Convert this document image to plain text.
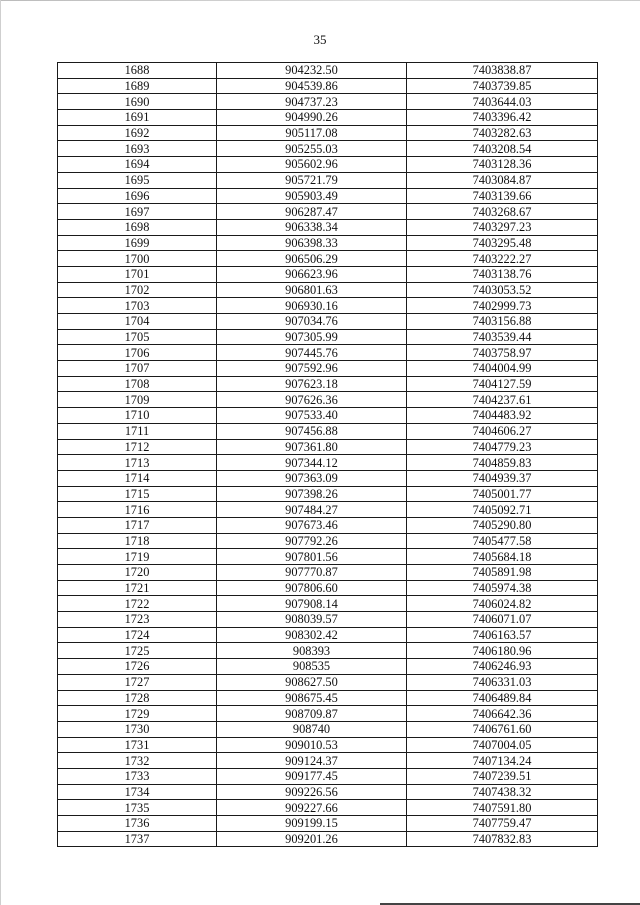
35
1688	904232.50	7403838.87
1689	904539.86	7403739.85
1690	904737.23	7403644.03
1691	904990.26	7403396.42
1692	905117.08	7403282.63
1693	905255.03	7403208.54
1694	905602.96	7403128.36
1695	905721.79	7403084.87
1696	905903.49	7403139.66
1697	906287.47	7403268.67
1698	906338.34	7403297.23
1699	906398.33	7403295.48
1700	906506.29	7403222.27
1701	906623.96	7403138.76
1702	906801.63	7403053.52
1703	906930.16	7402999.73
1704	907034.76	7403156.88
1705	907305.99	7403539.44
1706	907445.76	7403758.97
1707	907592.96	7404004.99
1708	907623.18	7404127.59
1709	907626.36	7404237.61
1710	907533.40	7404483.92
1711	907456.88	7404606.27
1712	907361.80	7404779.23
1713	907344.12	7404859.83
1714	907363.09	7404939.37
1715	907398.26	7405001.77
1716	907484.27	7405092.71
1717	907673.46	7405290.80
1718	907792.26	7405477.58
1719	907801.56	7405684.18
1720	907770.87	7405891.98
1721	907806.60	7405974.38
1722	907908.14	7406024.82
1723	908039.57	7406071.07
1724	908302.42	7406163.57
1725	908393	7406180.96
1726	908535	7406246.93
1727	908627.50	7406331.03
1728	908675.45	7406489.84
1729	908709.87	7406642.36
1730	908740	7406761.60
1731	909010.53	7407004.05
1732	909124.37	7407134.24
1733	909177.45	7407239.51
1734	909226.56	7407438.32
1735	909227.66	7407591.80
1736	909199.15	7407759.47
1737	909201.26	7407832.83
